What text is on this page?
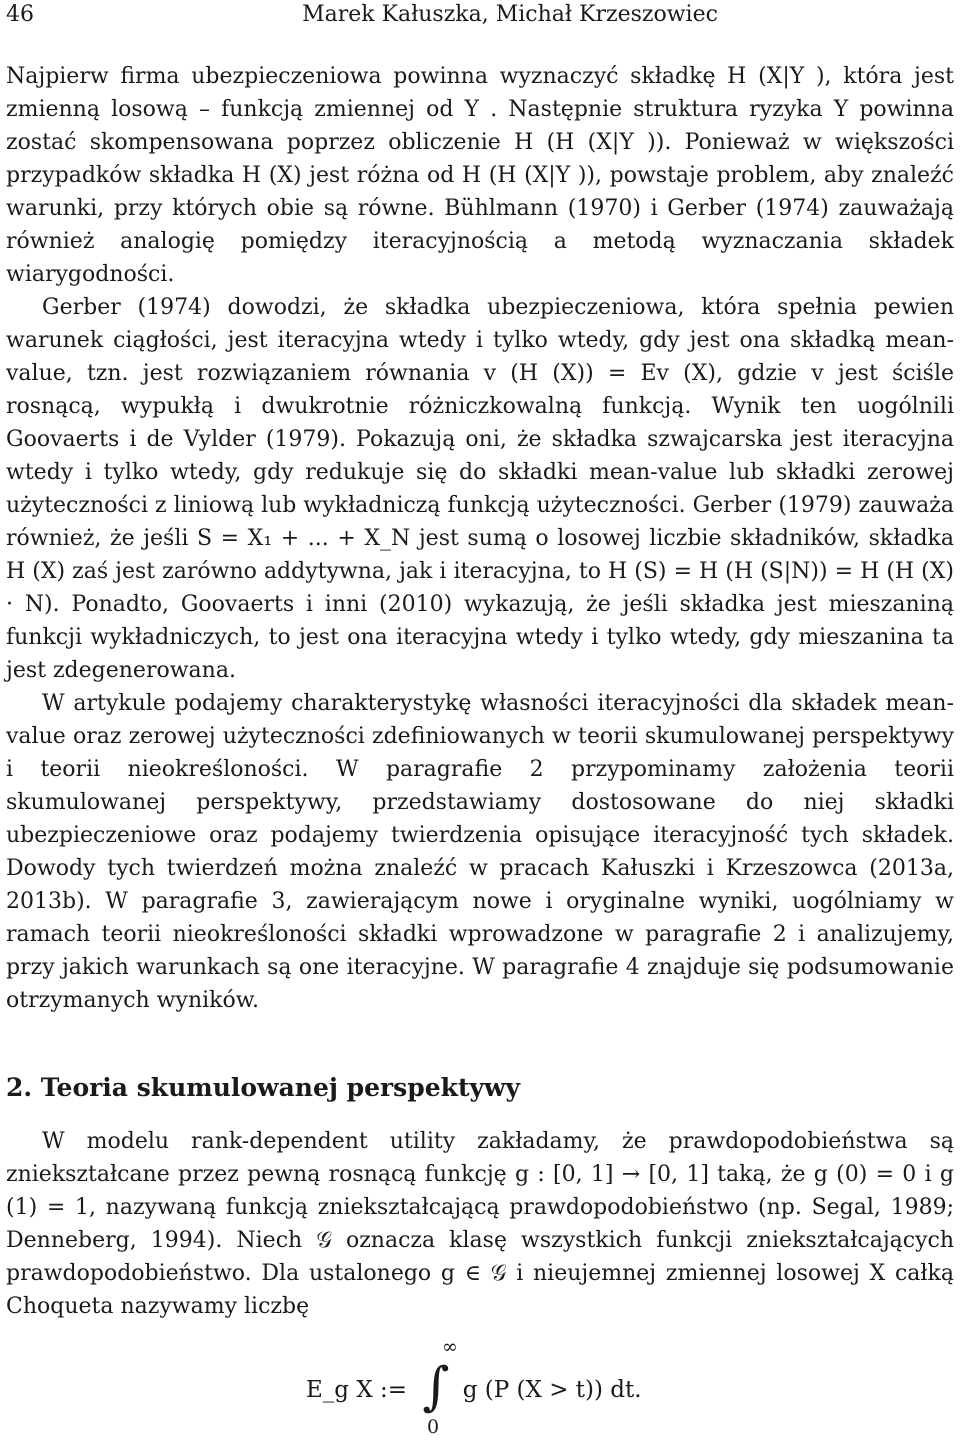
46	Marek Kałuszka, Michał Krzeszowiec

Najpierw firma ubezpieczeniowa powinna wyznaczyć składkę H (X|Y ), która jest zmienną losową – funkcją zmiennej od Y . Następnie struktura ryzyka Y powinna zostać skompensowana poprzez obliczenie H (H (X|Y )). Ponieważ w większości przypadków składka H (X) jest różna od H (H (X|Y )), powstaje problem, aby znaleźć warunki, przy których obie są równe. Bühlmann (1970) i Gerber (1974) zauważają również analogię pomiędzy iteracyjnością a metodą wyznaczania składek wiarygodności.

Gerber (1974) dowodzi, że składka ubezpieczeniowa, która spełnia pewien warunek ciągłości, jest iteracyjna wtedy i tylko wtedy, gdy jest ona składką mean-value, tzn. jest rozwiązaniem równania v (H (X)) = Ev (X), gdzie v jest ściśle rosnącą, wypukłą i dwukrotnie różniczkowalną funkcją. Wynik ten uogólnili Goovaerts i de Vylder (1979). Pokazują oni, że składka szwajcarska jest iteracyjna wtedy i tylko wtedy, gdy redukuje się do składki mean-value lub składki zerowej użyteczności z liniową lub wykładniczą funkcją użyteczności. Gerber (1979) zauważa również, że jeśli S = X₁ + ... + X_N jest sumą o losowej liczbie składników, składka H (X) zaś jest zarówno addytywna, jak i iteracyjna, to H (S) = H (H (S|N)) = H (H (X) · N). Ponadto, Goovaerts i inni (2010) wykazują, że jeśli składka jest mieszaniną funkcji wykładniczych, to jest ona iteracyjna wtedy i tylko wtedy, gdy mieszanina ta jest zdegenerowana.

W artykule podajemy charakterystykę własności iteracyjności dla składek mean-value oraz zerowej użyteczności zdefiniowanych w teorii skumulowanej perspektywy i teorii nieokreśloności. W paragrafie 2 przypominamy założenia teorii skumulowanej perspektywy, przedstawiamy dostosowane do niej składki ubezpieczeniowe oraz podajemy twierdzenia opisujące iteracyjność tych składek. Dowody tych twierdzeń można znaleźć w pracach Kałuszki i Krzeszowca (2013a, 2013b). W paragrafie 3, zawierającym nowe i oryginalne wyniki, uogólniamy w ramach teorii nieokreśloności składki wprowadzone w paragrafie 2 i analizujemy, przy jakich warunkach są one iteracyjne. W paragrafie 4 znajduje się podsumowanie otrzymanych wyników.

2. Teoria skumulowanej perspektywy

W modelu rank-dependent utility zakładamy, że prawdopodobieństwa są zniekształcane przez pewną rosnącą funkcję g : [0, 1] → [0, 1] taką, że g (0) = 0 i g (1) = 1, nazywaną funkcją zniekształcającą prawdopodobieństwo (np. Segal, 1989; Denneberg, 1994). Niech 𝒢 oznacza klasę wszystkich funkcji zniekształcających prawdopodobieństwo. Dla ustalonego g ∈ 𝒢 i nieujemnej zmiennej losowej X całką Choqueta nazywamy liczbę

E_g X := ∫
∞
0
g (P (X > t)) dt.
